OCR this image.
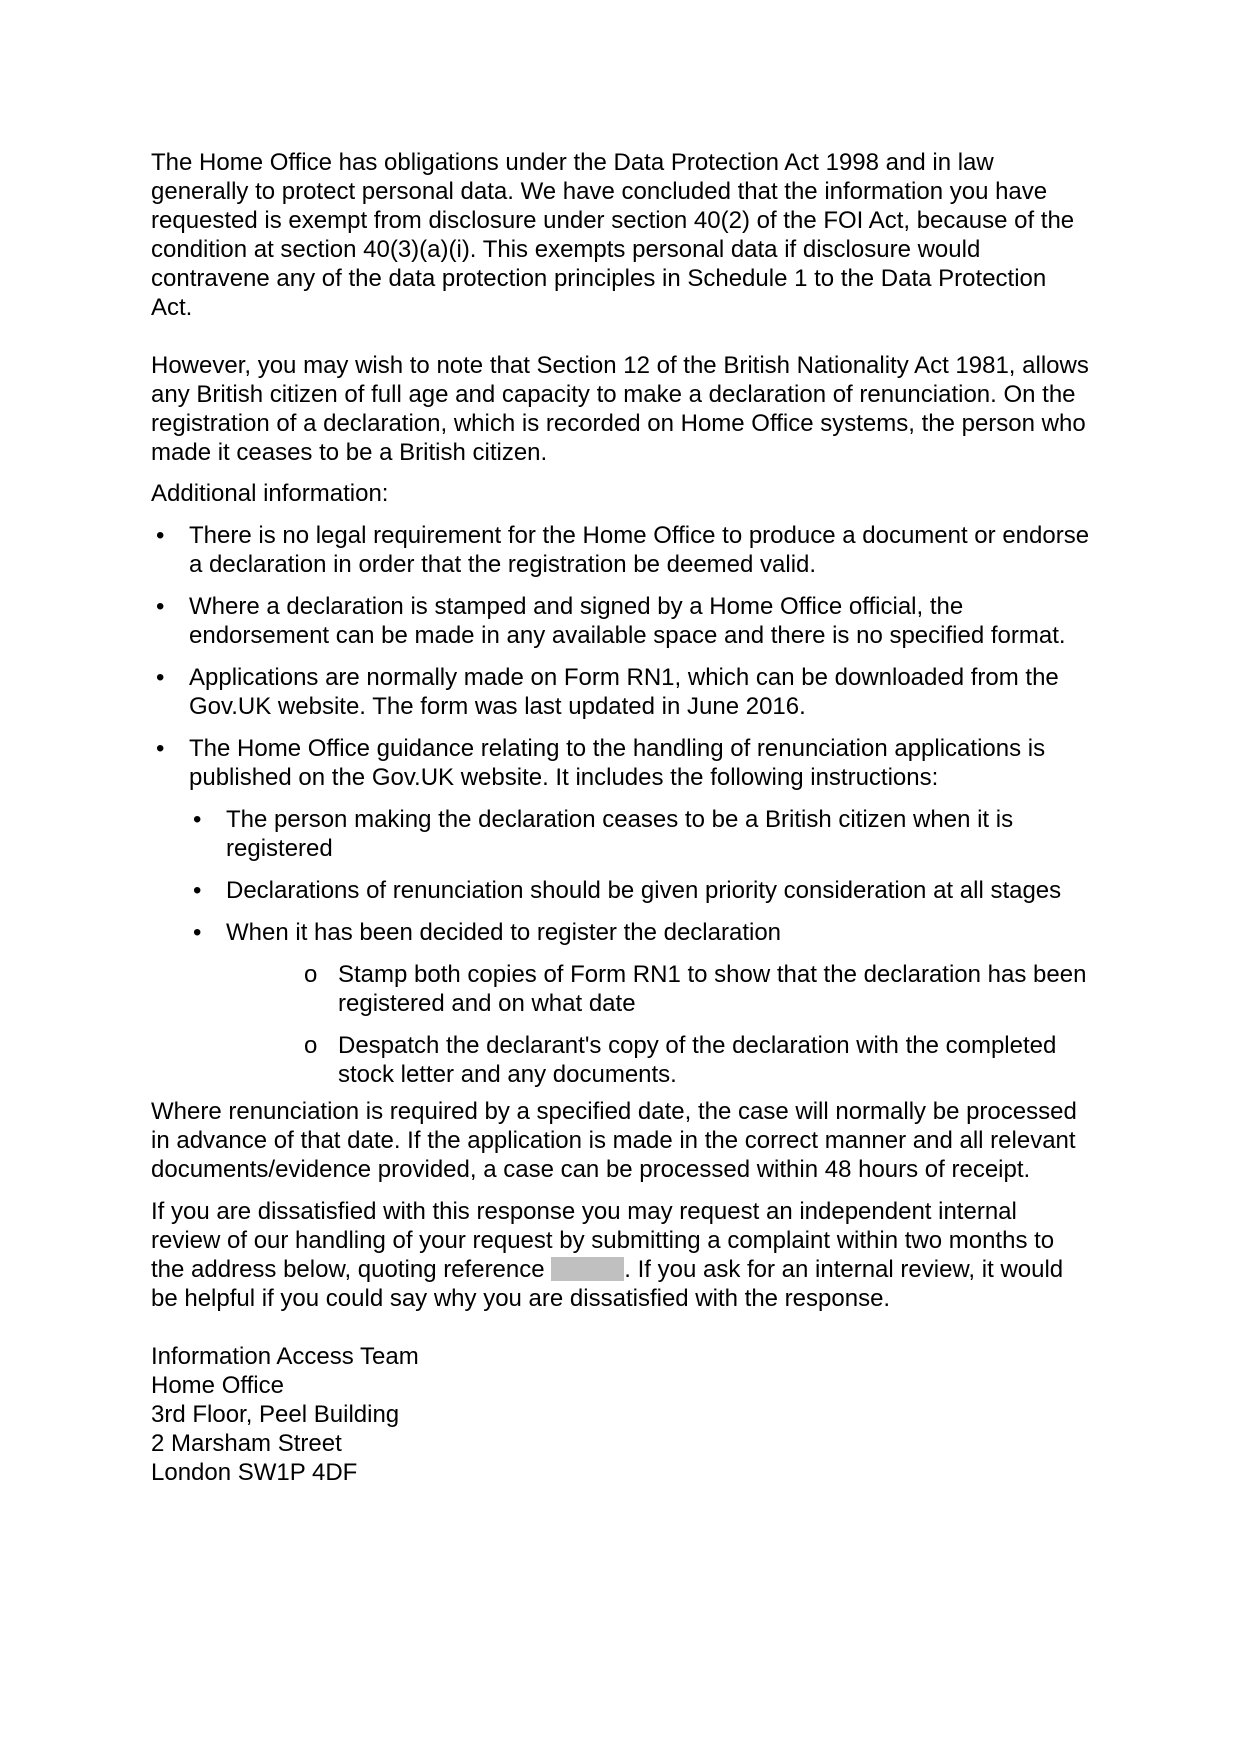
The Home Office has obligations under the Data Protection Act 1998 and in law generally to protect personal data. We have concluded that the information you have requested is exempt from disclosure under section 40(2) of the FOI Act, because of the condition at section 40(3)(a)(i). This exempts personal data if disclosure would contravene any of the data protection principles in Schedule 1 to the Data Protection Act.

However, you may wish to note that Section 12 of the British Nationality Act 1981, allows any British citizen of full age and capacity to make a declaration of renunciation. On the registration of a declaration, which is recorded on Home Office systems, the person who made it ceases to be a British citizen.

Additional information:

• There is no legal requirement for the Home Office to produce a document or endorse a declaration in order that the registration be deemed valid.
• Where a declaration is stamped and signed by a Home Office official, the endorsement can be made in any available space and there is no specified format.
• Applications are normally made on Form RN1, which can be downloaded from the Gov.UK website. The form was last updated in June 2016.
• The Home Office guidance relating to the handling of renunciation applications is published on the Gov.UK website. It includes the following instructions:
• The person making the declaration ceases to be a British citizen when it is registered
• Declarations of renunciation should be given priority consideration at all stages
• When it has been decided to register the declaration
o Stamp both copies of Form RN1 to show that the declaration has been registered and on what date
o Despatch the declarant's copy of the declaration with the completed stock letter and any documents.

Where renunciation is required by a specified date, the case will normally be processed in advance of that date. If the application is made in the correct manner and all relevant documents/evidence provided, a case can be processed within 48 hours of receipt.

If you are dissatisfied with this response you may request an independent internal review of our handling of your request by submitting a complaint within two months to the address below, quoting reference	. If you ask for an internal review, it would be helpful if you could say why you are dissatisfied with the response.

Information Access Team

Home Office

3rd Floor, Peel Building

2 Marsham Street

London SW1P 4DF
